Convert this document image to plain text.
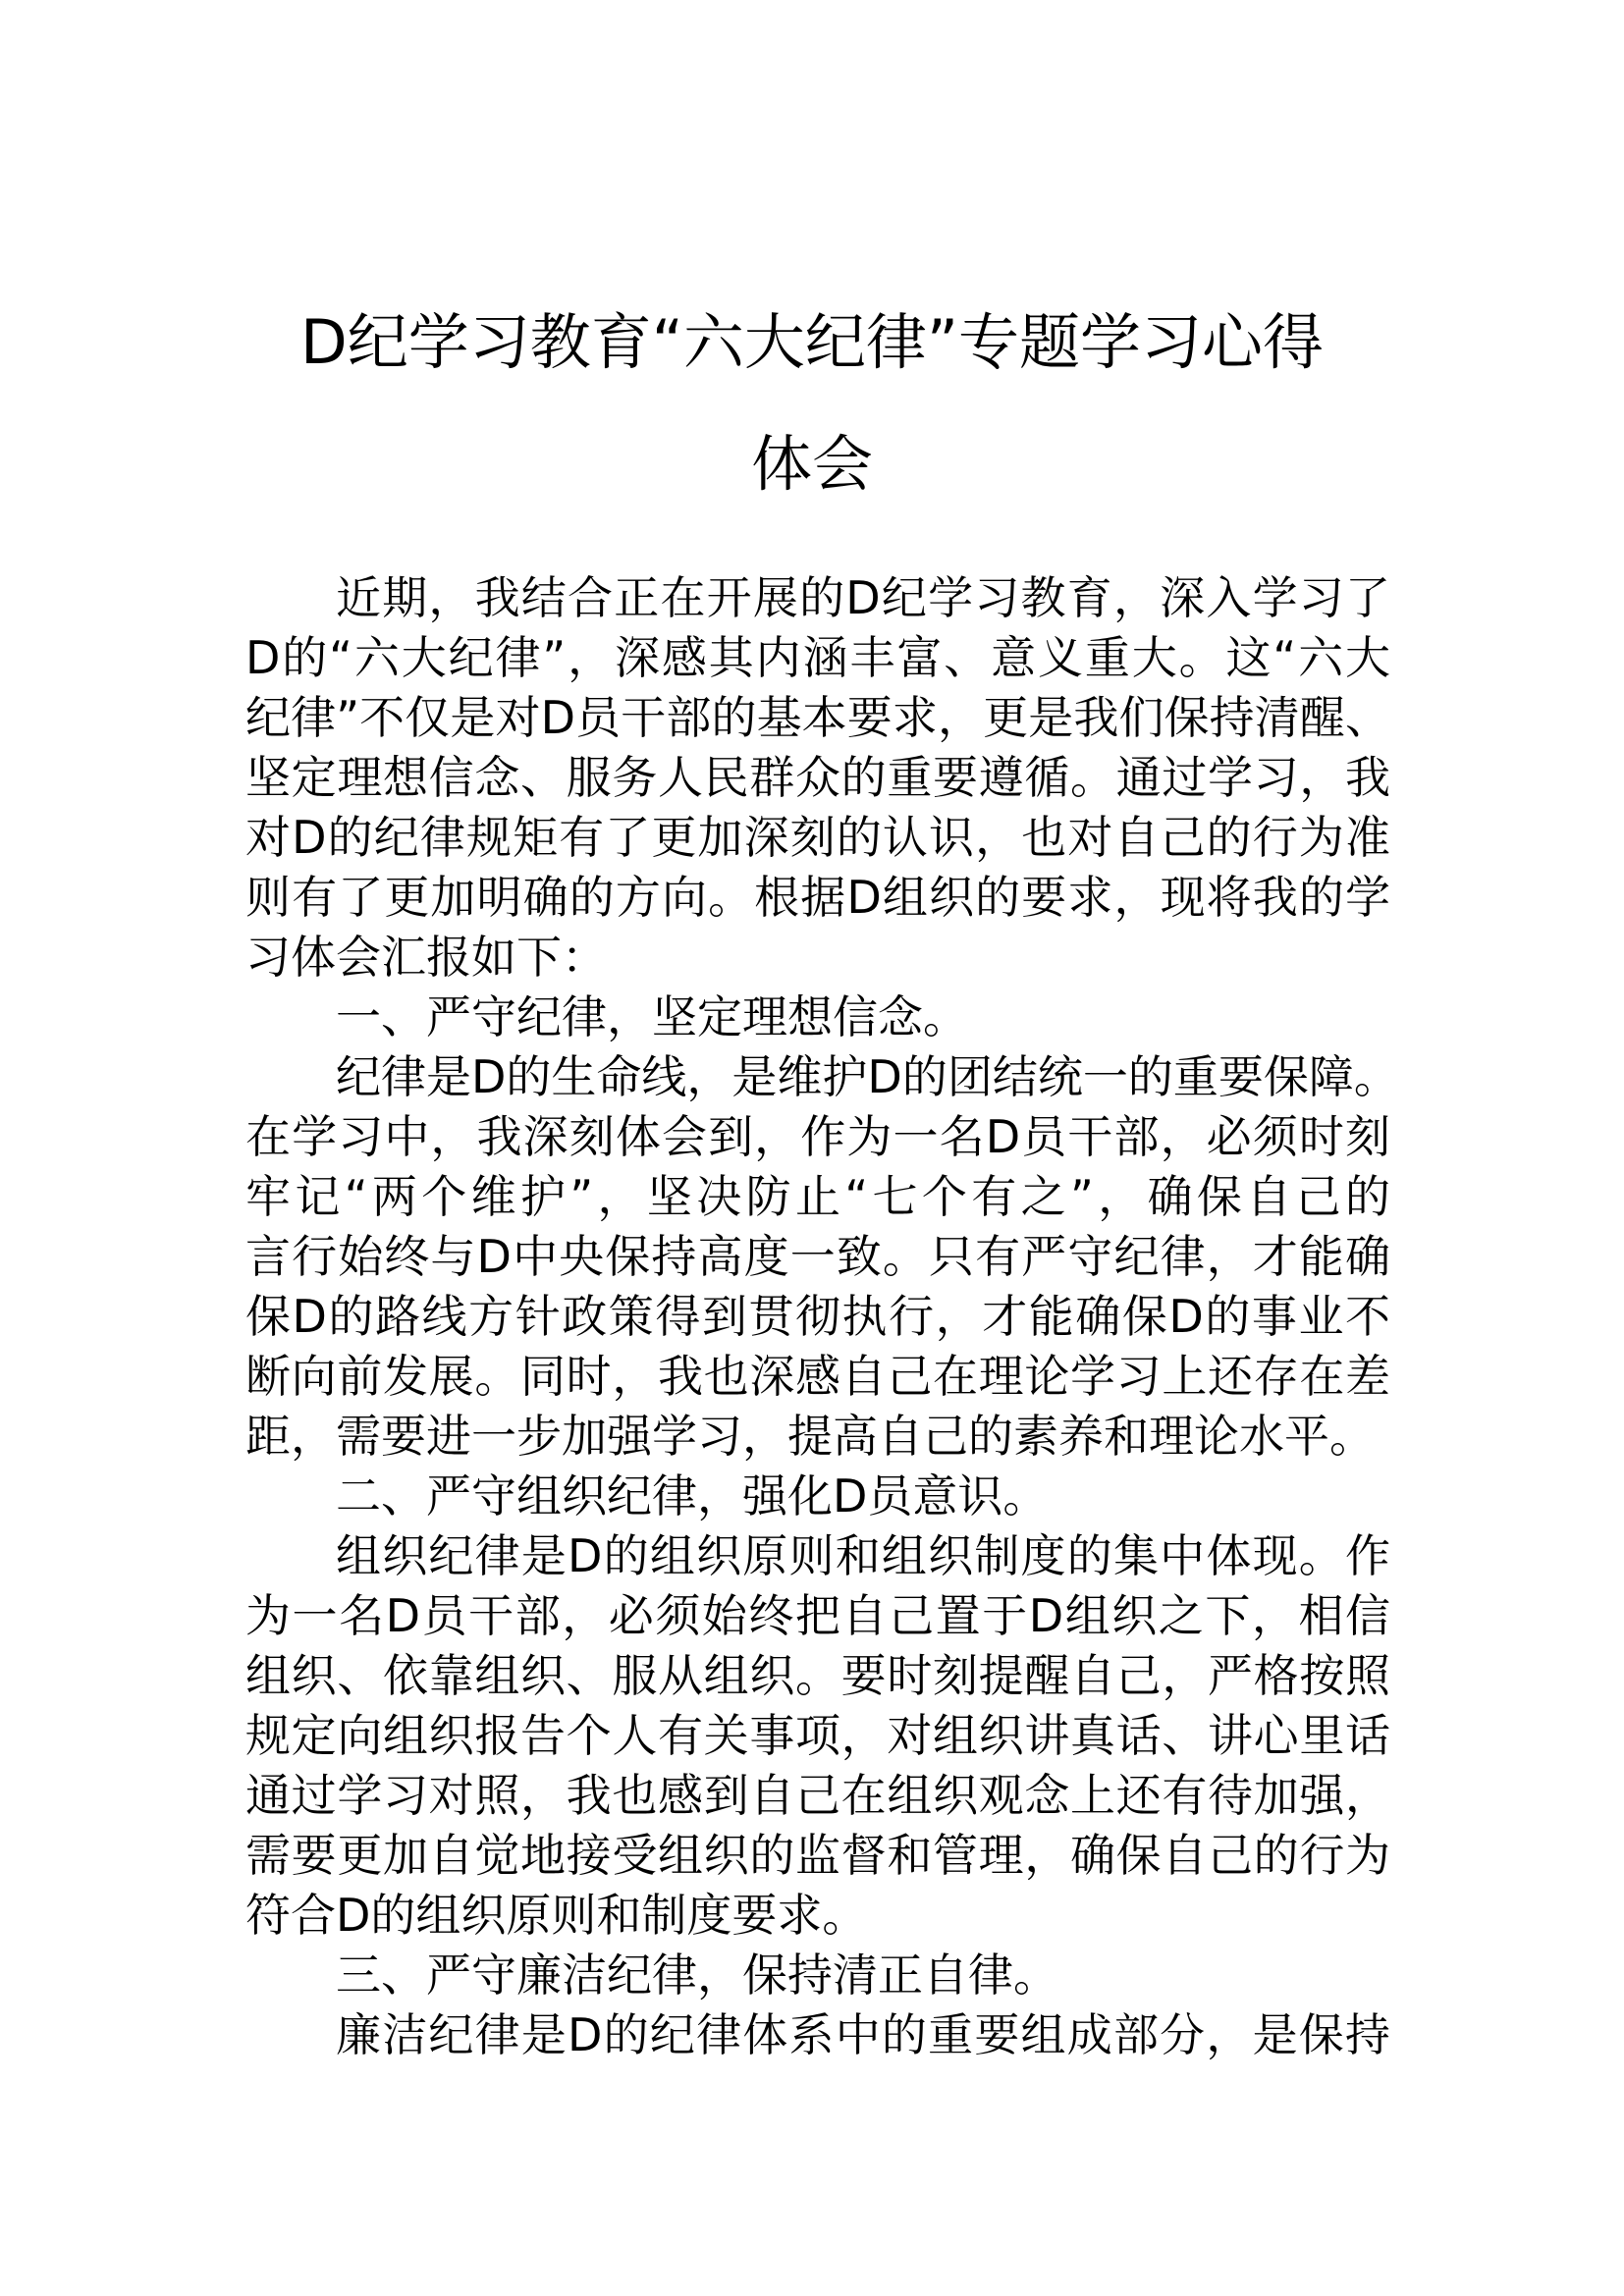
D纪学习教育“六大纪律”专题学习心得
体会
近期，我结合正在开展的D纪学习教育，深入学习了
D的“六大纪律”，深感其内涵丰富、意义重大。这“六大
纪律”不仅是对D员干部的基本要求，更是我们保持清醒、
坚定理想信念、服务人民群众的重要遵循。通过学习，我
对D的纪律规矩有了更加深刻的认识，也对自己的行为准
则有了更加明确的方向。根据D组织的要求，现将我的学
习体会汇报如下：
一、严守纪律，坚定理想信念。
纪律是D的生命线，是维护D的团结统一的重要保障。
在学习中，我深刻体会到，作为一名D员干部，必须时刻
牢记“两个维护”，坚决防止“七个有之”，确保自己的
言行始终与D中央保持高度一致。只有严守纪律，才能确
保D的路线方针政策得到贯彻执行，才能确保D的事业不
断向前发展。同时，我也深感自己在理论学习上还存在差
距，需要进一步加强学习，提高自己的素养和理论水平。
二、严守组织纪律，强化D员意识。
组织纪律是D的组织原则和组织制度的集中体现。作
为一名D员干部，必须始终把自己置于D组织之下，相信
组织、依靠组织、服从组织。要时刻提醒自己，严格按照
规定向组织报告个人有关事项，对组织讲真话、讲心里话
通过学习对照，我也感到自己在组织观念上还有待加强，
需要更加自觉地接受组织的监督和管理，确保自己的行为
符合D的组织原则和制度要求。
三、严守廉洁纪律，保持清正自律。
廉洁纪律是D的纪律体系中的重要组成部分，是保持
